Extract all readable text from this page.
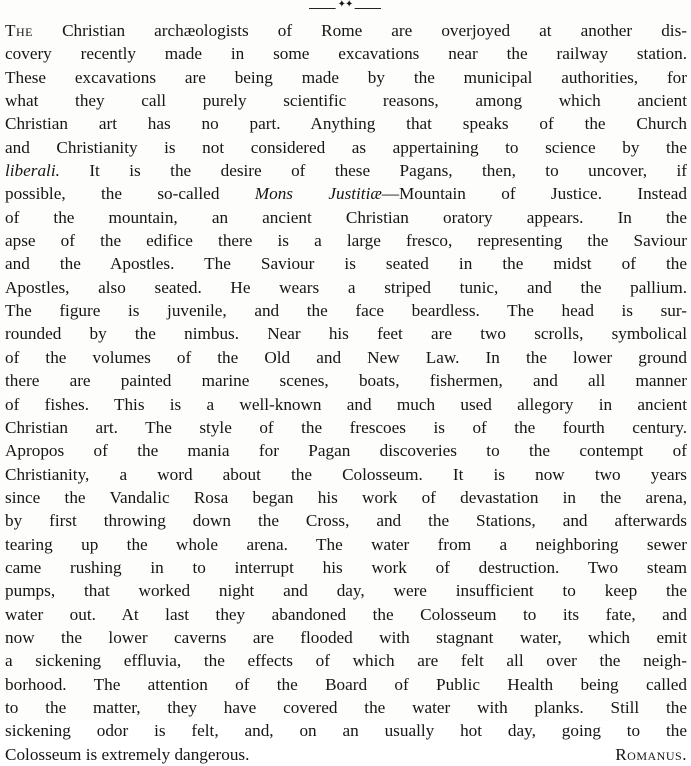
✦✦
The Christian archæologists of Rome are overjoyed at another dis-
covery recently made in some excavations near the railway station.
These excavations are being made by the municipal authorities, for
what they call purely scientific reasons, among which ancient
Christian art has no part. Anything that speaks of the Church
and Christianity is not considered as appertaining to science by the
liberali. It is the desire of these Pagans, then, to uncover, if
possible, the so-called Mons Justitiæ—Mountain of Justice. Instead
of the mountain, an ancient Christian oratory appears. In the
apse of the edifice there is a large fresco, representing the Saviour
and the Apostles. The Saviour is seated in the midst of the
Apostles, also seated. He wears a striped tunic, and the pallium.
The figure is juvenile, and the face beardless. The head is sur-
rounded by the nimbus. Near his feet are two scrolls, symbolical
of the volumes of the Old and New Law. In the lower ground
there are painted marine scenes, boats, fishermen, and all manner
of fishes. This is a well-known and much used allegory in ancient
Christian art. The style of the frescoes is of the fourth century.
Apropos of the mania for Pagan discoveries to the contempt of
Christianity, a word about the Colosseum. It is now two years
since the Vandalic Rosa began his work of devastation in the arena,
by first throwing down the Cross, and the Stations, and afterwards
tearing up the whole arena. The water from a neighboring sewer
came rushing in to interrupt his work of destruction. Two steam
pumps, that worked night and day, were insufficient to keep the
water out. At last they abandoned the Colosseum to its fate, and
now the lower caverns are flooded with stagnant water, which emit
a sickening effluvia, the effects of which are felt all over the neigh-
borhood. The attention of the Board of Public Health being called
to the matter, they have covered the water with planks. Still the
sickening odor is felt, and, on an usually hot day, going to the
Colosseum is extremely dangerous.	Romanus.
